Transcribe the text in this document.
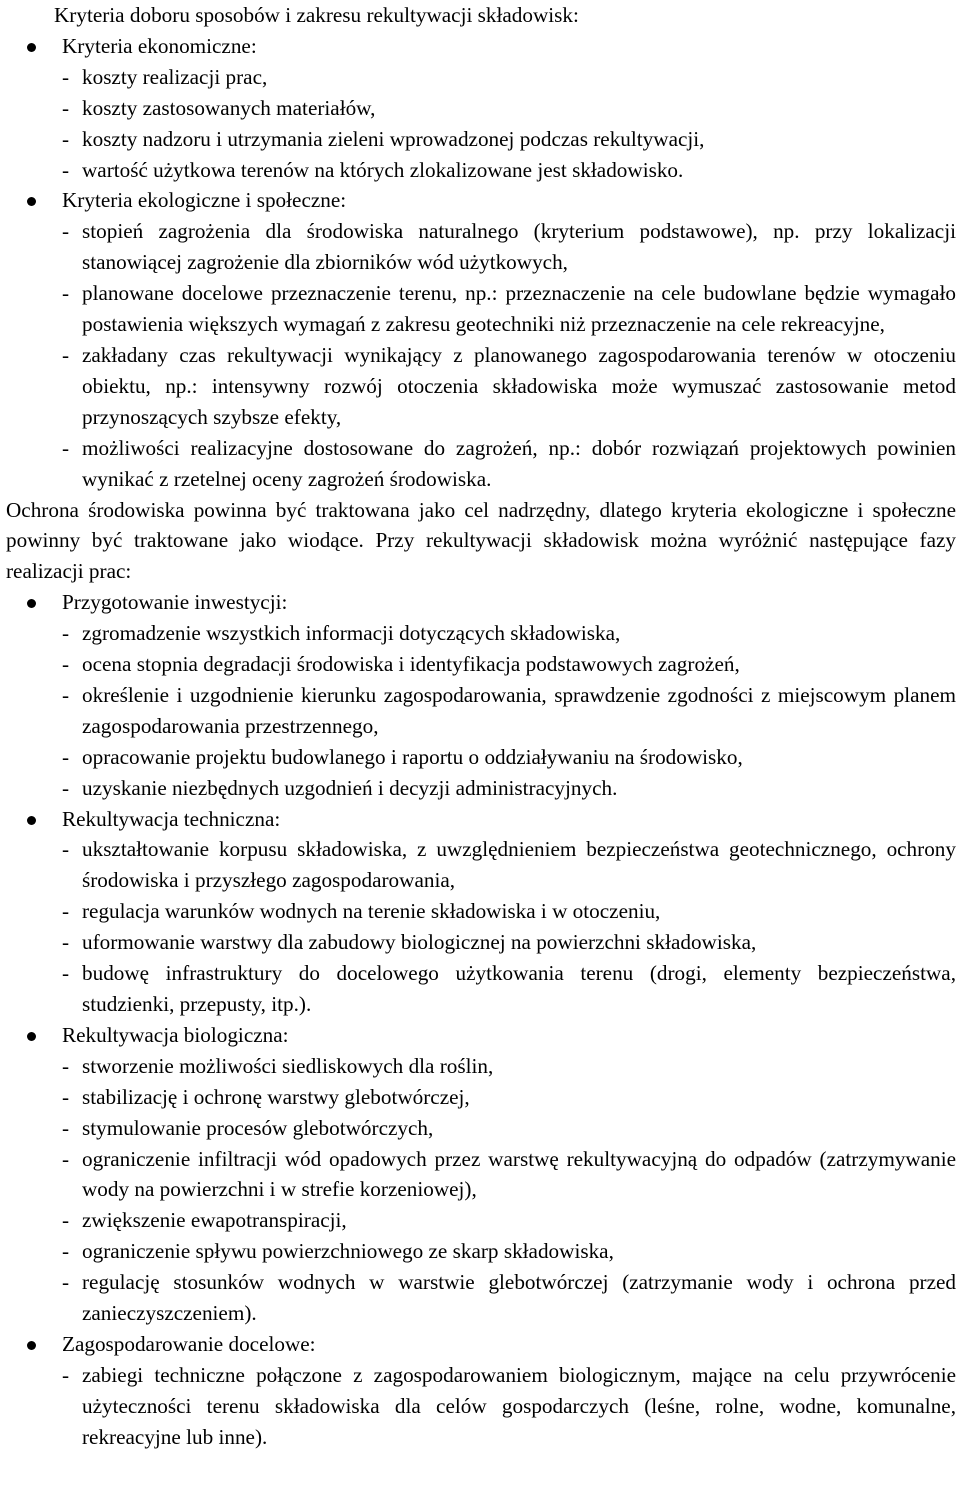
Kryteria doboru sposobów i zakresu rekultywacji składowisk:
Kryteria ekonomiczne:
- koszty realizacji prac,
- koszty zastosowanych materiałów,
- koszty nadzoru i utrzymania zieleni wprowadzonej podczas rekultywacji,
- wartość użytkowa terenów na których zlokalizowane jest składowisko.
Kryteria ekologiczne i społeczne:
- stopień zagrożenia dla środowiska naturalnego (kryterium podstawowe), np. przy lokalizacji stanowiącej zagrożenie dla zbiorników wód użytkowych,
- planowane docelowe przeznaczenie terenu, np.: przeznaczenie na cele budowlane będzie wymagało postawienia większych wymagań z zakresu geotechniki niż przeznaczenie na cele rekreacyjne,
- zakładany czas rekultywacji wynikający z planowanego zagospodarowania terenów w otoczeniu obiektu, np.: intensywny rozwój otoczenia składowiska może wymuszać zastosowanie metod przynoszących szybsze efekty,
- możliwości realizacyjne dostosowane do zagrożeń, np.: dobór rozwiązań projektowych powinien wynikać z rzetelnej oceny zagrożeń środowiska.
Ochrona środowiska powinna być traktowana jako cel nadrzędny, dlatego kryteria ekologiczne i społeczne powinny być traktowane jako wiodące. Przy rekultywacji składowisk można wyróżnić następujące fazy realizacji prac:
Przygotowanie inwestycji:
- zgromadzenie wszystkich informacji dotyczących składowiska,
- ocena stopnia degradacji środowiska i identyfikacja podstawowych zagrożeń,
- określenie i uzgodnienie kierunku zagospodarowania, sprawdzenie zgodności z miejscowym planem zagospodarowania przestrzennego,
- opracowanie projektu budowlanego i raportu o oddziaływaniu na środowisko,
- uzyskanie niezbędnych uzgodnień i decyzji administracyjnych.
Rekultywacja techniczna:
- ukształtowanie korpusu składowiska, z uwzględnieniem bezpieczeństwa geotechnicznego, ochrony środowiska i przyszłego zagospodarowania,
- regulacja warunków wodnych na terenie składowiska i w otoczeniu,
- uformowanie warstwy dla zabudowy biologicznej na powierzchni składowiska,
- budowę infrastruktury do docelowego użytkowania terenu (drogi, elementy bezpieczeństwa, studzienki, przepusty, itp.).
Rekultywacja biologiczna:
- stworzenie możliwości siedliskowych dla roślin,
- stabilizację i ochronę warstwy glebotwórczej,
- stymulowanie procesów glebotwórczych,
- ograniczenie infiltracji wód opadowych przez warstwę rekultywacyjną do odpadów (zatrzymywanie wody na powierzchni i w strefie korzeniowej),
- zwiększenie ewapotranspiracji,
- ograniczenie spływu powierzchniowego ze skarp składowiska,
- regulację stosunków wodnych w warstwie glebotwórczej (zatrzymanie wody i ochrona przed zanieczyszczeniem).
Zagospodarowanie docelowe:
- zabiegi techniczne połączone z zagospodarowaniem biologicznym, mające na celu przywrócenie użyteczności terenu składowiska dla celów gospodarczych (leśne, rolne, wodne, komunalne, rekreacyjne lub inne).
